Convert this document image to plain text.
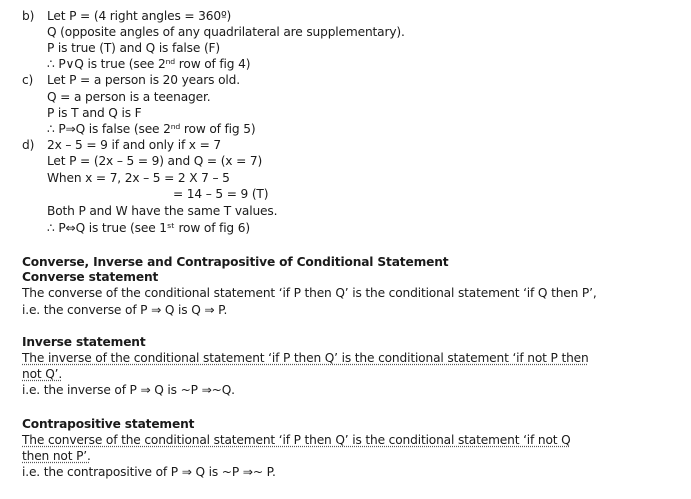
b) Let P = (4 right angles = 360º)
Q (opposite angles of any quadrilateral are supplementary).
P is true (T) and Q is false (F)
∴ P∨Q is true (see 2ⁿᵈ row of fig 4)
c) Let P = a person is 20 years old.
Q = a person is a teenager.
P is T and Q is F
∴ P⇒Q is false (see 2ⁿᵈ row of fig 5)
d) 2x – 5 = 9 if and only if x = 7
Let P = (2x – 5 = 9) and Q = (x = 7)
When x = 7, 2x – 5 = 2 X 7 – 5
= 14 – 5 = 9 (T)
Both P and W have the same T values.
∴ P⇔Q is true (see 1ˢᵗ row of fig 6)
Converse, Inverse and Contrapositive of Conditional Statement
Converse statement
The converse of the conditional statement ‘if P then Q’ is the conditional statement ‘if Q then P’,
i.e. the converse of P ⇒ Q is Q ⇒ P.
Inverse statement
The inverse of the conditional statement ‘if P then Q’ is the conditional statement ‘if not P then
not Q’.
i.e. the inverse of P ⇒ Q is ~P ⇒~Q.
Contrapositive statement
The converse of the conditional statement ‘if P then Q’ is the conditional statement ‘if not Q
then not P’.
i.e. the contrapositive of P ⇒ Q is ~P ⇒~ P.
